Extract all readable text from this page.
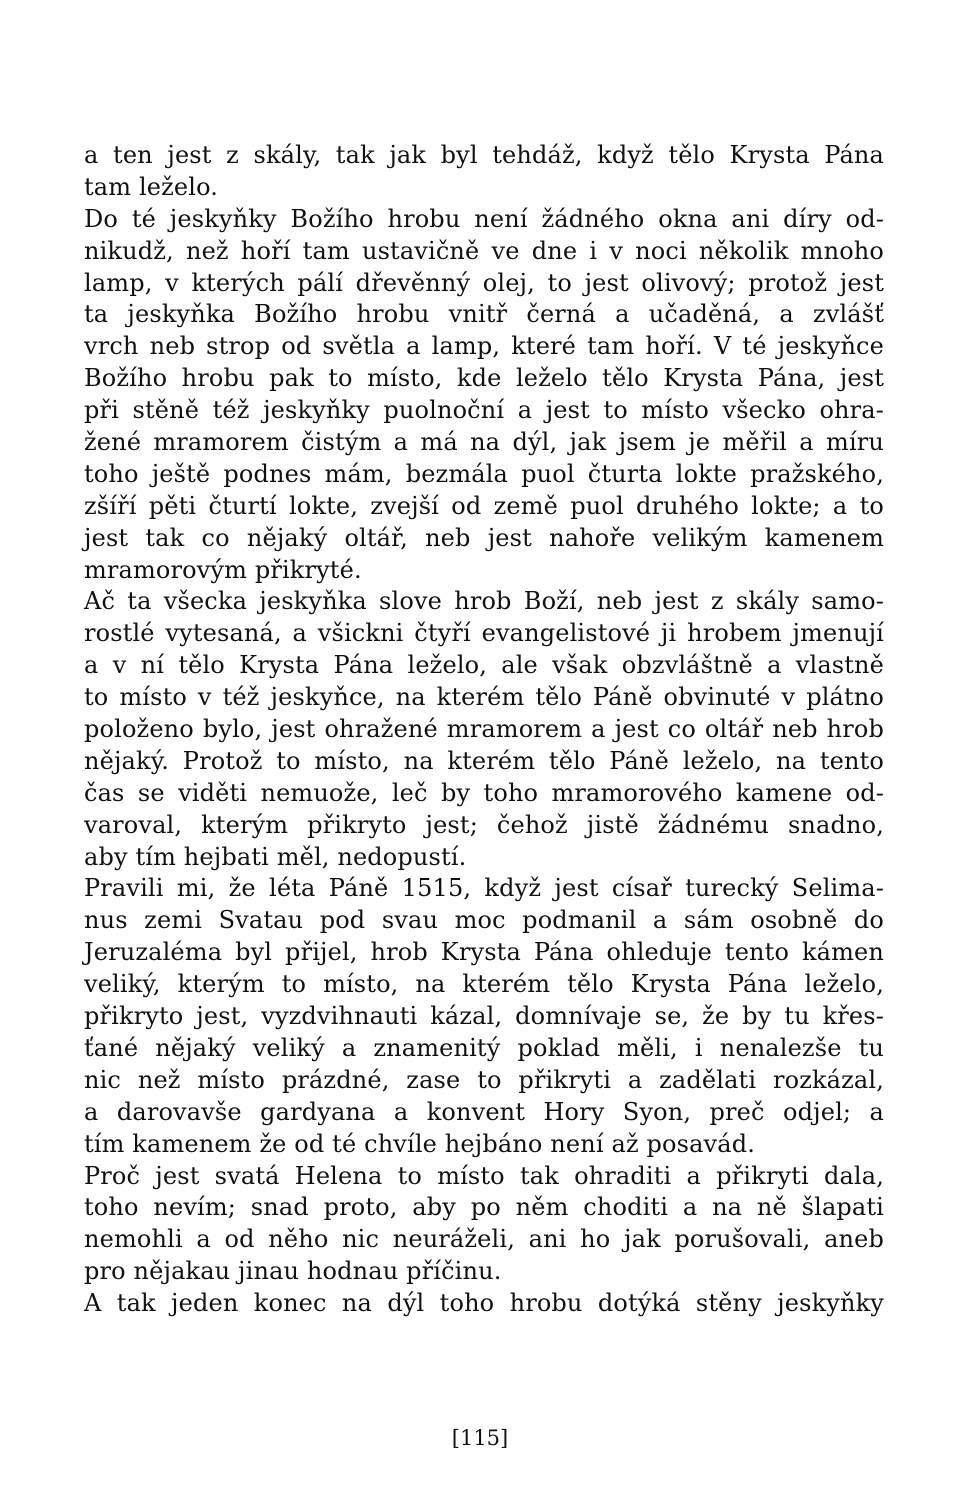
a ten jest z skály, tak jak byl tehdáž, když tělo Krysta Pána
tam leželo.
Do té jeskyňky Božího hrobu není žádného okna ani díry od-
nikudž, než hoří tam ustavičně ve dne i v noci několik mnoho
lamp, v kterých pálí dřevěnný olej, to jest olivový; protož jest
ta jeskyňka Božího hrobu vnitř černá a učaděná, a zvlášť
vrch neb strop od světla a lamp, které tam hoří. V té jeskyňce
Božího hrobu pak to místo, kde leželo tělo Krysta Pána, jest
při stěně též jeskyňky puolnoční a jest to místo všecko ohra-
žené mramorem čistým a má na dýl, jak jsem je měřil a míru
toho ještě podnes mám, bezmála puol čturta lokte pražského,
zšíří pěti čturtí lokte, zvejší od země puol druhého lokte; a to
jest tak co nějaký oltář, neb jest nahoře velikým kamenem
mramorovým přikryté.
Ač ta všecka jeskyňka slove hrob Boží, neb jest z skály samo-
rostlé vytesaná, a všickni čtyří evangelistové ji hrobem jmenují
a v ní tělo Krysta Pána leželo, ale však obzvláštně a vlastně
to místo v též jeskyňce, na kterém tělo Páně obvinuté v plátno
položeno bylo, jest ohražené mramorem a jest co oltář neb hrob
nějaký. Protož to místo, na kterém tělo Páně leželo, na tento
čas se viděti nemuože, leč by toho mramorového kamene od-
varoval, kterým přikryto jest; čehož jistě žádnému snadno,
aby tím hejbati měl, nedopustí.
Pravili mi, že léta Páně 1515, když jest císař turecký Selima-
nus zemi Svatau pod svau moc podmanil a sám osobně do
Jeruzaléma byl přijel, hrob Krysta Pána ohleduje tento kámen
veliký, kterým to místo, na kterém tělo Krysta Pána leželo,
přikryto jest, vyzdvihnauti kázal, domnívaje se, že by tu křes-
ťané nějaký veliký a znamenitý poklad měli, i nenalezše tu
nic než místo prázdné, zase to přikryti a zadělati rozkázal,
a darovavše gardyana a konvent Hory Syon, preč odjel; a
tím kamenem že od té chvíle hejbáno není až posavád.
Proč jest svatá Helena to místo tak ohraditi a přikryti dala,
toho nevím; snad proto, aby po něm choditi a na ně šlapati
nemohli a od něho nic neuráželi, ani ho jak porušovali, aneb
pro nějakau jinau hodnau příčinu.
A tak jeden konec na dýl toho hrobu dotýká stěny jeskyňky
[115]
